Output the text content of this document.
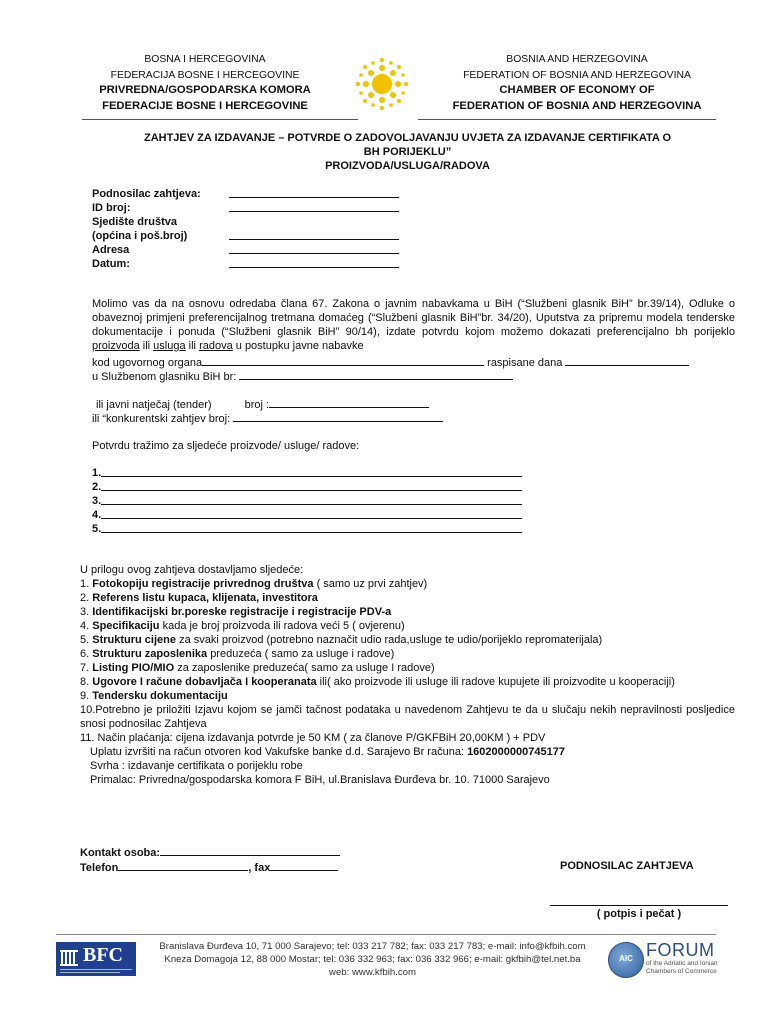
BOSNA I HERCEGOVINA
FEDERACIJA BOSNE I HERCEGOVINE
PRIVREDNA/GOSPODARSKA KOMORA
FEDERACIJE BOSNE I HERCEGOVINE
BOSNIA AND HERZEGOVINA
FEDERATION OF BOSNIA AND HERZEGOVINA
CHAMBER OF ECONOMY OF
FEDERATION OF BOSNIA AND HERZEGOVINA
ZAHTJEV ZA IZDAVANJE – POTVRDE O ZADOVOLJAVANJU UVJETA ZA IZDAVANJE CERTIFIKATA O
BH PORIJEKLU”
PROIZVODA/USLUGA/RADOVA
Podnosilac zahtjeva:
ID broj:
Sjedište društva
(općina i poš.broj)
Adresa
Datum:
Molimo vas da na osnovu odredaba člana 67. Zakona o javnim nabavkama u BiH (“Službeni glasnik BiH” br.39/14), Odluke o obaveznoj primjeni preferencijalnog tretmana domaćeg (“Službeni glasnik BiH”br. 34/20), Uputstva za pripremu modela tenderske dokumentacije i ponuda (“Službeni glasnik BiH” 90/14), izdate potvrdu kojom možemo dokazati preferencijalno bh porijeklo proizvoda ili usluga ili radova u postupku javne nabavke
kod ugovornog organa	raspisane dana
u Službenom glasniku BiH br:
ili javni natječaj (tender)	broj :
ili “konkurentski zahtjev broj:
Potvrdu tražimo za sljedeće proizvode/ usluge/ radove:
1.
2.
3.
4.
5.
U prilogu ovog zahtjeva dostavljamo sljedeće:
1. Fotokopiju registracije privrednog društva ( samo uz prvi zahtjev)
2. Referens listu kupaca, klijenata, investitora
3. Identifikacijski br.poreske registracije i registracije PDV-a
4. Specifikaciju kada je broj proizvoda ili radova veći 5 ( ovjerenu)
5. Strukturu cijene za svaki proizvod (potrebno naznačit udio rada,usluge te udio/porijeklo repromaterijala)
6. Strukturu zaposlenika preduzeća ( samo za usluge i radove)
7. Listing PIO/MIO za zaposlenike preduzeća( samo za usluge I radove)
8. Ugovore I račune dobavljača I kooperanata ili( ako proizvode ili usluge ili radove kupujete ili proizvodite u kooperaciji)
9. Tendersku dokumentaciju
10.Potrebno je priložiti Izjavu kojom se jamči tačnost podataka u navedenom Zahtjevu te da u slučaju nekih nepravilnosti posljedice snosi podnosilac Zahtjeva
11. Način plaćanja: cijena izdavanja potvrde je 50 KM ( za članove P/GKFBiH 20,00KM ) + PDV
Uplatu izvršiti na račun otvoren kod Vakufske banke d.d. Sarajevo Br računa: 1602000000745177
Svrha : izdavanje certifikata o porijeklu robe
Primalac: Privredna/gospodarska komora F BiH, ul.Branislava Đurđeva br. 10. 71000 Sarajevo
Kontakt osoba:
Telefon	, fax	PODNOSILAC ZAHTJEVA
( potpis i pečat )
BFC	Branislava Đurđeva 10, 71 000 Sarajevo; tel: 033 217 782; fax: 033 217 783; e-mail: info@kfbih.com
Kneza Domagoja 12, 88 000 Mostar; tel: 036 332 963; fax: 036 332 966; e-mail: gkfbih@tel.net.ba
web: www.kfbih.com
AIC FORUM
of the Adriatic and Ionian
Chambers of Commerce
